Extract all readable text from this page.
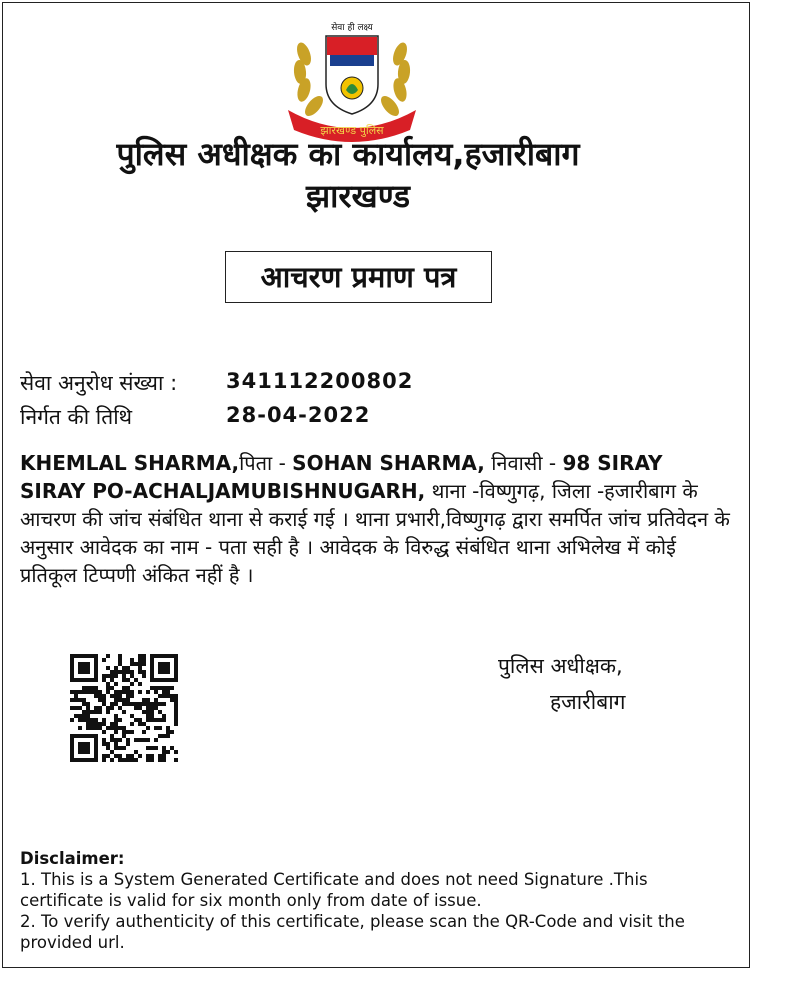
सेवा ही लक्ष्य
झारखण्ड पुलिस
पुलिस अधीक्षक का कार्यालय,हजारीबाग
झारखण्ड
आचरण प्रमाण पत्र
सेवा अनुरोध संख्या : 341112200802
निर्गत की तिथि	28-04-2022
KHEMLAL SHARMA,पिता - SOHAN SHARMA, निवासी - 98 SIRAY SIRAY PO-ACHALJAMUBISHNUGARH, थाना -विष्णुगढ़, जिला -हजारीबाग के आचरण की जांच संबंधित थाना से कराई गई । थाना प्रभारी,विष्णुगढ़ द्वारा समर्पित जांच प्रतिवेदन के अनुसार आवेदक का नाम - पता सही है । आवेदक के विरुद्ध संबंधित थाना अभिलेख में कोई प्रतिकूल टिप्पणी अंकित नहीं है ।
पुलिस अधीक्षक,
हजारीबाग
Disclaimer:
1. This is a System Generated Certificate and does not need Signature .This certificate is valid for six month only from date of issue.
2. To verify authenticity of this certificate, please scan the QR-Code and visit the provided url.
